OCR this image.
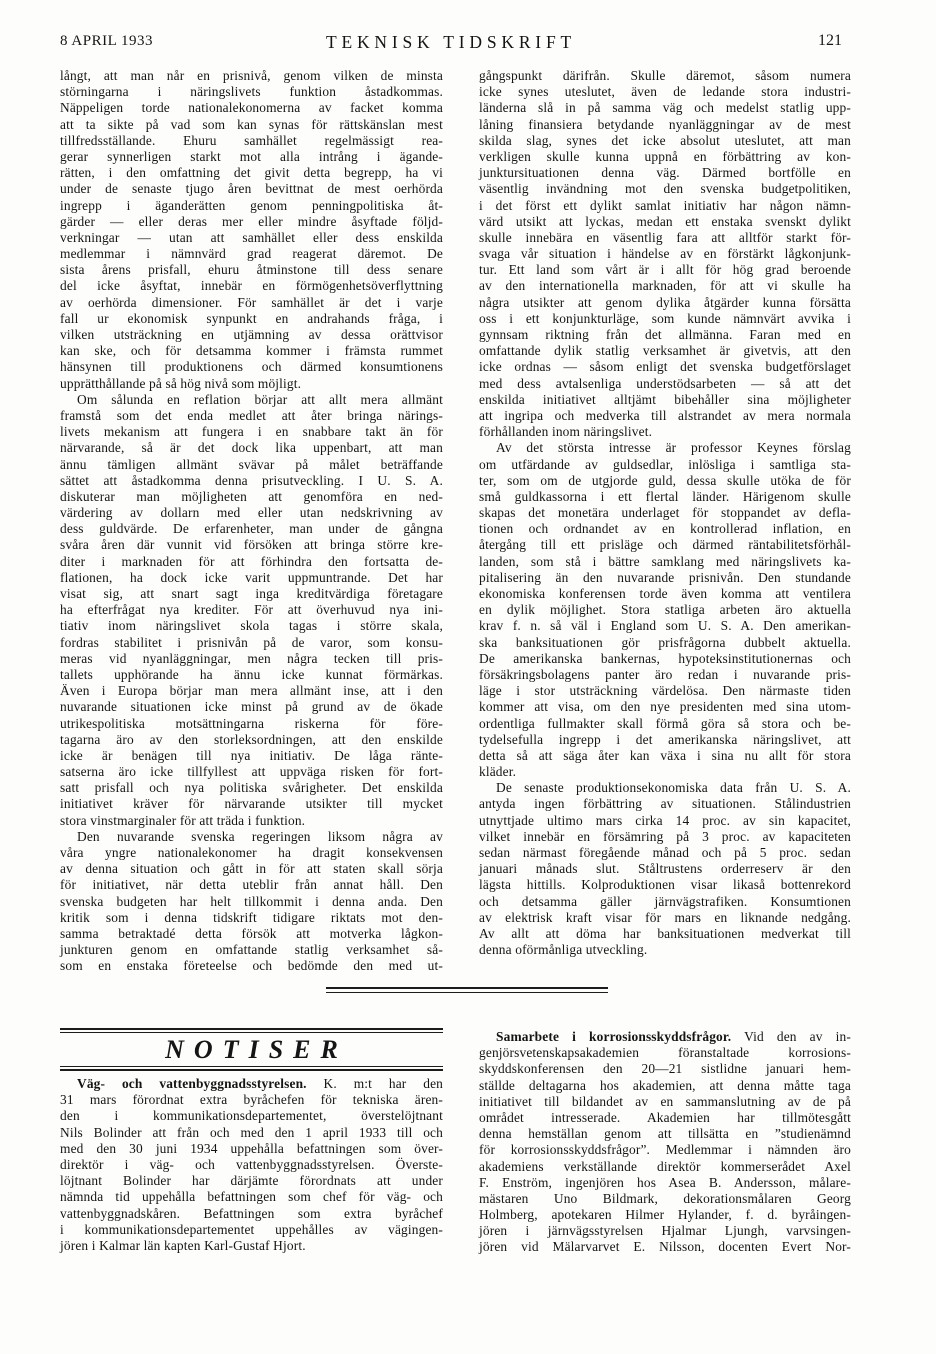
8 APRIL 1933	TEKNISK TIDSKRIFT	121
långt, att man når en prisnivå, genom vilken de minsta
störningarna i näringslivets funktion åstadkommas.
Näppeligen torde nationalekonomerna av facket komma
att ta sikte på vad som kan synas för rättskänslan mest
tillfredsställande. Ehuru samhället regelmässigt rea-
gerar synnerligen starkt mot alla intrång i ägande-
rätten, i den omfattning det givit detta begrepp, ha vi
under de senaste tjugo åren bevittnat de mest oerhörda
ingrepp i äganderätten genom penningpolitiska åt-
gärder — eller deras mer eller mindre åsyftade följd-
verkningar — utan att samhället eller dess enskilda
medlemmar i nämnvärd grad reagerat däremot. De
sista årens prisfall, ehuru åtminstone till dess senare
del icke åsyftat, innebär en förmögenhetsöverflyttning
av oerhörda dimensioner. För samhället är det i varje
fall ur ekonomisk synpunkt en andrahands fråga, i
vilken utsträckning en utjämning av dessa orättvisor
kan ske, och för detsamma kommer i främsta rummet
hänsynen till produktionens och därmed konsumtionens
upprätthållande på så hög nivå som möjligt.
Om sålunda en reflation börjar att allt mera allmänt
framstå som det enda medlet att åter bringa närings-
livets mekanism att fungera i en snabbare takt än för
närvarande, så är det dock lika uppenbart, att man
ännu tämligen allmänt svävar på målet beträffande
sättet att åstadkomma denna prisutveckling. I U. S. A.
diskuterar man möjligheten att genomföra en ned-
värdering av dollarn med eller utan nedskrivning av
dess guldvärde. De erfarenheter, man under de gångna
svåra åren där vunnit vid försöken att bringa större kre-
diter i marknaden för att förhindra den fortsatta de-
flationen, ha dock icke varit uppmuntrande. Det har
visat sig, att snart sagt inga kreditvärdiga företagare
ha efterfrågat nya krediter. För att överhuvud nya ini-
tiativ inom näringslivet skola tagas i större skala,
fordras stabilitet i prisnivån på de varor, som konsu-
meras vid nyanläggningar, men några tecken till pris-
tallets upphörande ha ännu icke kunnat förmärkas.
Även i Europa börjar man mera allmänt inse, att i den
nuvarande situationen icke minst på grund av de ökade
utrikespolitiska motsättningarna riskerna för före-
tagarna äro av den storleksordningen, att den enskilde
icke är benägen till nya initiativ. De låga ränte-
satserna äro icke tillfyllest att uppväga risken för fort-
satt prisfall och nya politiska svårigheter. Det enskilda
initiativet kräver för närvarande utsikter till mycket
stora vinstmarginaler för att träda i funktion.
Den nuvarande svenska regeringen liksom några av
våra yngre nationalekonomer ha dragit konsekvensen
av denna situation och gått in för att staten skall sörja
för initiativet, när detta uteblir från annat håll. Den
svenska budgeten har helt tillkommit i denna anda. Den
kritik som i denna tidskrift tidigare riktats mot den-
samma betraktadé detta försök att motverka lågkon-
junkturen genom en omfattande statlig verksamhet så-
som en enstaka företeelse och bedömde den med ut-
gångspunkt därifrån. Skulle däremot, såsom numera
icke synes uteslutet, även de ledande stora industri-
länderna slå in på samma väg och medelst statlig upp-
låning finansiera betydande nyanläggningar av de mest
skilda slag, synes det icke absolut uteslutet, att man
verkligen skulle kunna uppnå en förbättring av kon-
junktursituationen denna väg. Därmed bortfölle en
väsentlig invändning mot den svenska budgetpolitiken,
i det först ett dylikt samlat initiativ har någon nämn-
värd utsikt att lyckas, medan ett enstaka svenskt dylikt
skulle innebära en väsentlig fara att alltför starkt för-
svaga vår situation i händelse av en förstärkt lågkonjunk-
tur. Ett land som vårt är i allt för hög grad beroende
av den internationella marknaden, för att vi skulle ha
några utsikter att genom dylika åtgärder kunna försätta
oss i ett konjunkturläge, som kunde nämnvärt avvika i
gynnsam riktning från det allmänna. Faran med en
omfattande dylik statlig verksamhet är givetvis, att den
icke ordnas — såsom enligt det svenska budgetförslaget
med dess avtalsenliga understödsarbeten — så att det
enskilda initiativet alltjämt bibehåller sina möjligheter
att ingripa och medverka till alstrandet av mera normala
förhållanden inom näringslivet.
Av det största intresse är professor Keynes förslag
om utfärdande av guldsedlar, inlösliga i samtliga sta-
ter, som om de utgjorde guld, dessa skulle utöka de för
små guldkassorna i ett flertal länder. Härigenom skulle
skapas det monetära underlaget för stoppandet av defla-
tionen och ordnandet av en kontrollerad inflation, en
återgång till ett prisläge och därmed räntabilitetsförhål-
landen, som stå i bättre samklang med näringslivets ka-
pitalisering än den nuvarande prisnivån. Den stundande
ekonomiska konferensen torde även komma att ventilera
en dylik möjlighet. Stora statliga arbeten äro aktuella
krav f. n. så väl i England som U. S. A. Den amerikan-
ska banksituationen gör prisfrågorna dubbelt aktuella.
De amerikanska bankernas, hypoteksinstitutionernas och
försäkringsbolagens panter äro redan i nuvarande pris-
läge i stor utsträckning värdelösa. Den närmaste tiden
kommer att visa, om den nye presidenten med sina utom-
ordentliga fullmakter skall förmå göra så stora och be-
tydelsefulla ingrepp i det amerikanska näringslivet, att
detta så att säga åter kan växa i sina nu allt för stora
kläder.
De senaste produktionsekonomiska data från U. S. A.
antyda ingen förbättring av situationen. Stålindustrien
utnyttjade ultimo mars cirka 14 proc. av sin kapacitet,
vilket innebär en försämring på 3 proc. av kapaciteten
sedan närmast föregående månad och på 5 proc. sedan
januari månads slut. Ståltrustens orderreserv är den
lägsta hittills. Kolproduktionen visar likaså bottenrekord
och detsamma gäller järnvägstrafiken. Konsumtionen
av elektrisk kraft visar för mars en liknande nedgång.
Av allt att döma har banksituationen medverkat till
denna oförmånliga utveckling.
NOTISER
Väg- och vattenbyggnadsstyrelsen. K. m:t har den
31 mars förordnat extra byråchefen för tekniska ären-
den i kommunikationsdepartementet, överstelöjtnant
Nils Bolinder att från och med den 1 april 1933 till och
med den 30 juni 1934 uppehålla befattningen som över-
direktör i väg- och vattenbyggnadsstyrelsen. Överste-
löjtnant Bolinder har därjämte förordnats att under
nämnda tid uppehålla befattningen som chef för väg- och
vattenbyggnadskåren. Befattningen som extra byråchef
i kommunikationsdepartementet uppehålles av vägingen-
jören i Kalmar län kapten Karl-Gustaf Hjort.
Samarbete i korrosionsskyddsfrågor. Vid den av in-
genjörsvetenskapsakademien föranstaltade korrosions-
skyddskonferensen den 20—21 sistlidne januari hem-
ställde deltagarna hos akademien, att denna måtte taga
initiativet till bildandet av en sammanslutning av de på
området intresserade. Akademien har tillmötesgått
denna hemställan genom att tillsätta en ”studienämnd
för korrosionsskyddsfrågor”. Medlemmar i nämnden äro
akademiens verkställande direktör kommerserådet Axel
F. Enström, ingenjören hos Asea B. Andersson, målare-
mästaren Uno Bildmark, dekorationsmålaren Georg
Holmberg, apotekaren Hilmer Hylander, f. d. byråingen-
jören i järnvägsstyrelsen Hjalmar Ljungh, varvsingen-
jören vid Mälarvarvet E. Nilsson, docenten Evert Nor-
